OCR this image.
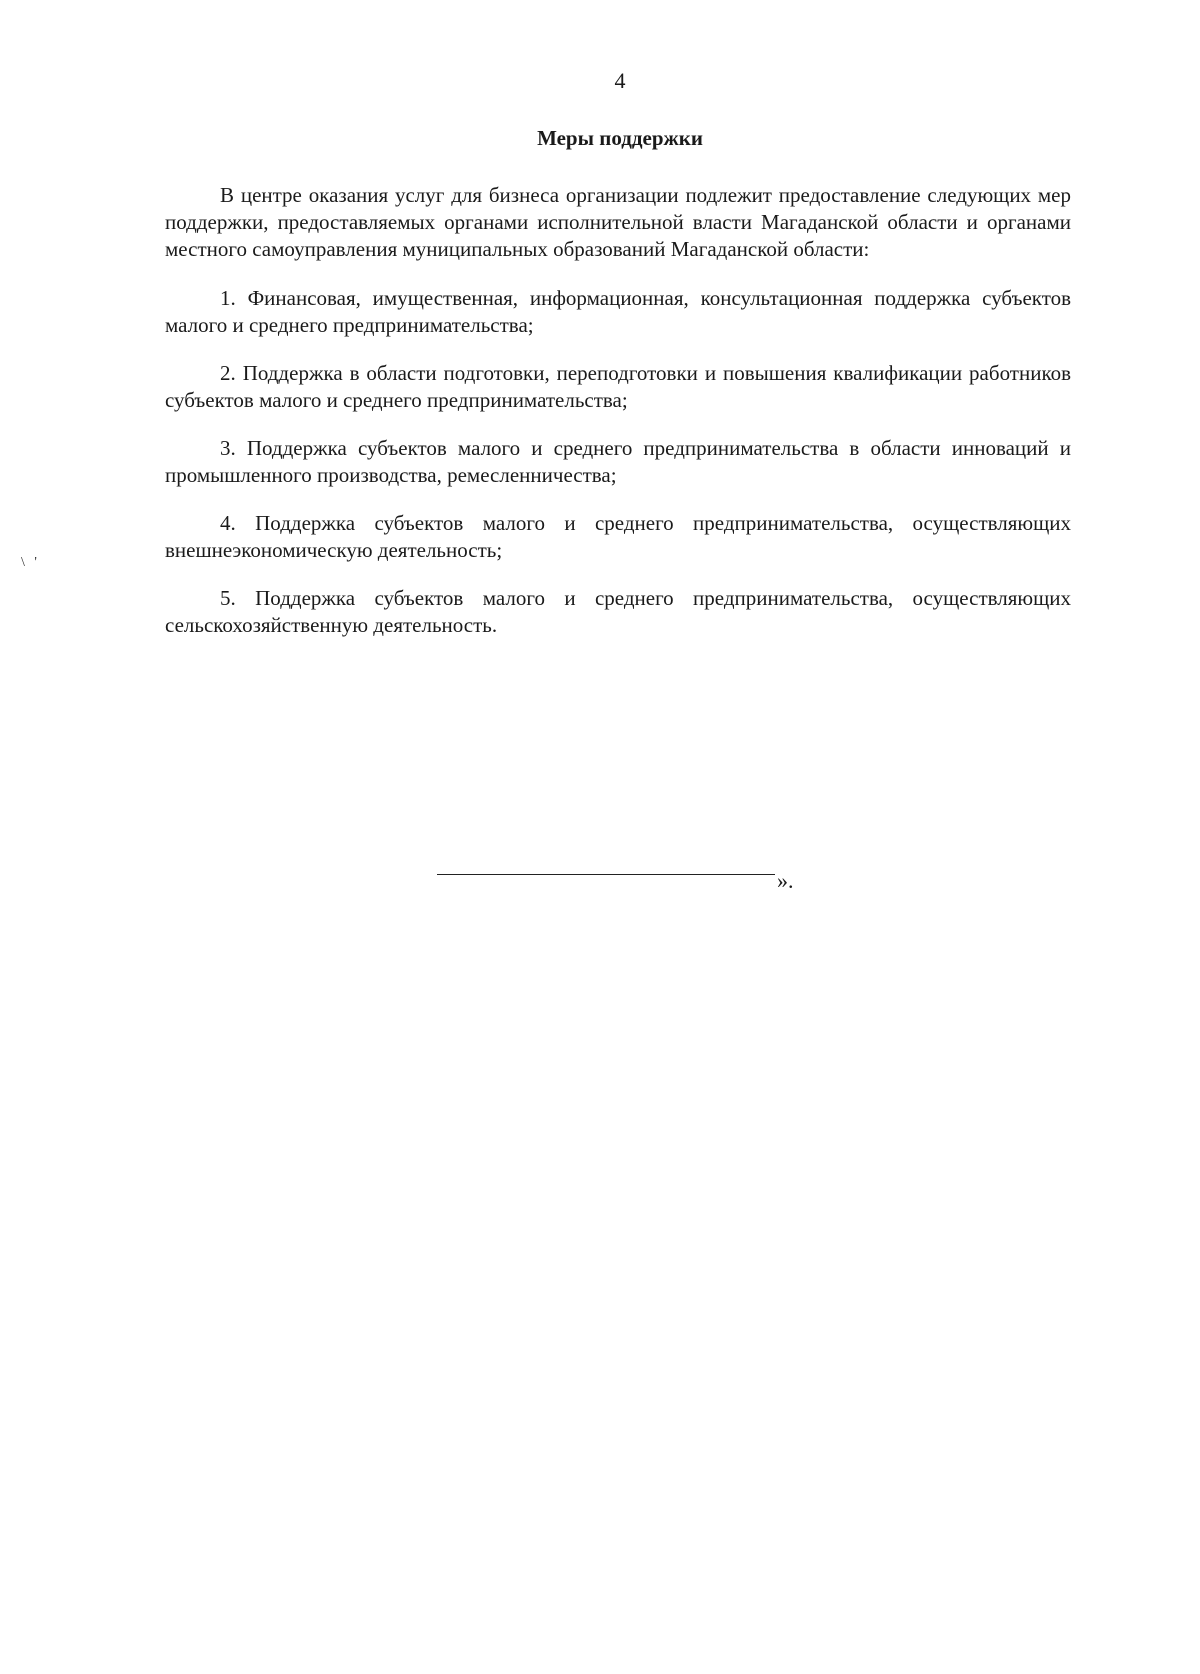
4
Меры поддержки
\ '

В центре оказания услуг для бизнеса организации подлежит предоставление следующих мер поддержки, предоставляемых органами исполнительной власти Магаданской области и органами местного самоуправления муниципальных образований Магаданской области:

1. Финансовая, имущественная, информационная, консультационная поддержка субъектов малого и среднего предпринимательства;

2. Поддержка в области подготовки, переподготовки и повышения квалификации работников субъектов малого и среднего предпринимательства;

3. Поддержка субъектов малого и среднего предпринимательства в области инноваций и промышленного производства, ремесленничества;

4. Поддержка субъектов малого и среднего предпринимательства, осуществляющих внешнеэкономическую деятельность;

5. Поддержка субъектов малого и среднего предпринимательства, осуществляющих сельскохозяйственную деятельность.

».
